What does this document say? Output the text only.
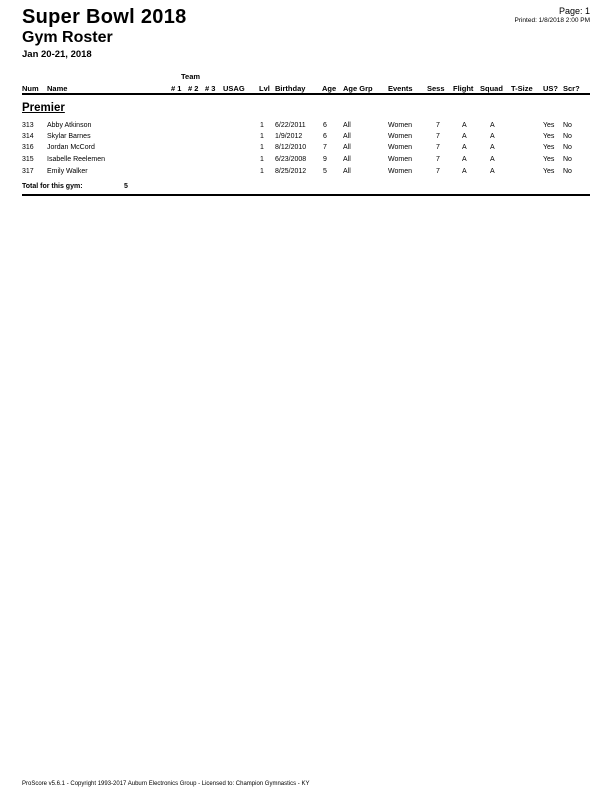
Super Bowl 2018
Gym Roster
Jan 20-21, 2018
Page: 1
Printed: 1/8/2018 2:00 PM
Team
Num Name	# 1 # 2 # 3 USAG Lvl Birthday Age Age Grp Events Sess Flight Squad T-Size US? Scr?
Premier
313 Abby Atkinson	1 6/22/2011 6 All	Women	7	A	A	Yes No
314 Skylar Barnes	1 1/9/2012	6 All	Women	7	A	A	Yes No
316 Jordan McCord	1 8/12/2010 7 All	Women	7	A	A	Yes No
315 Isabelle Reelemen	1 6/23/2008 9 All	Women	7	A	A	Yes No
317 Emily Walker	1 8/25/2012 5 All	Women	7	A	A	Yes No
Total for this gym:	5
ProScore v5.6.1 - Copyright 1993-2017 Auburn Electronics Group - Licensed to: Champion Gymnastics - KY
